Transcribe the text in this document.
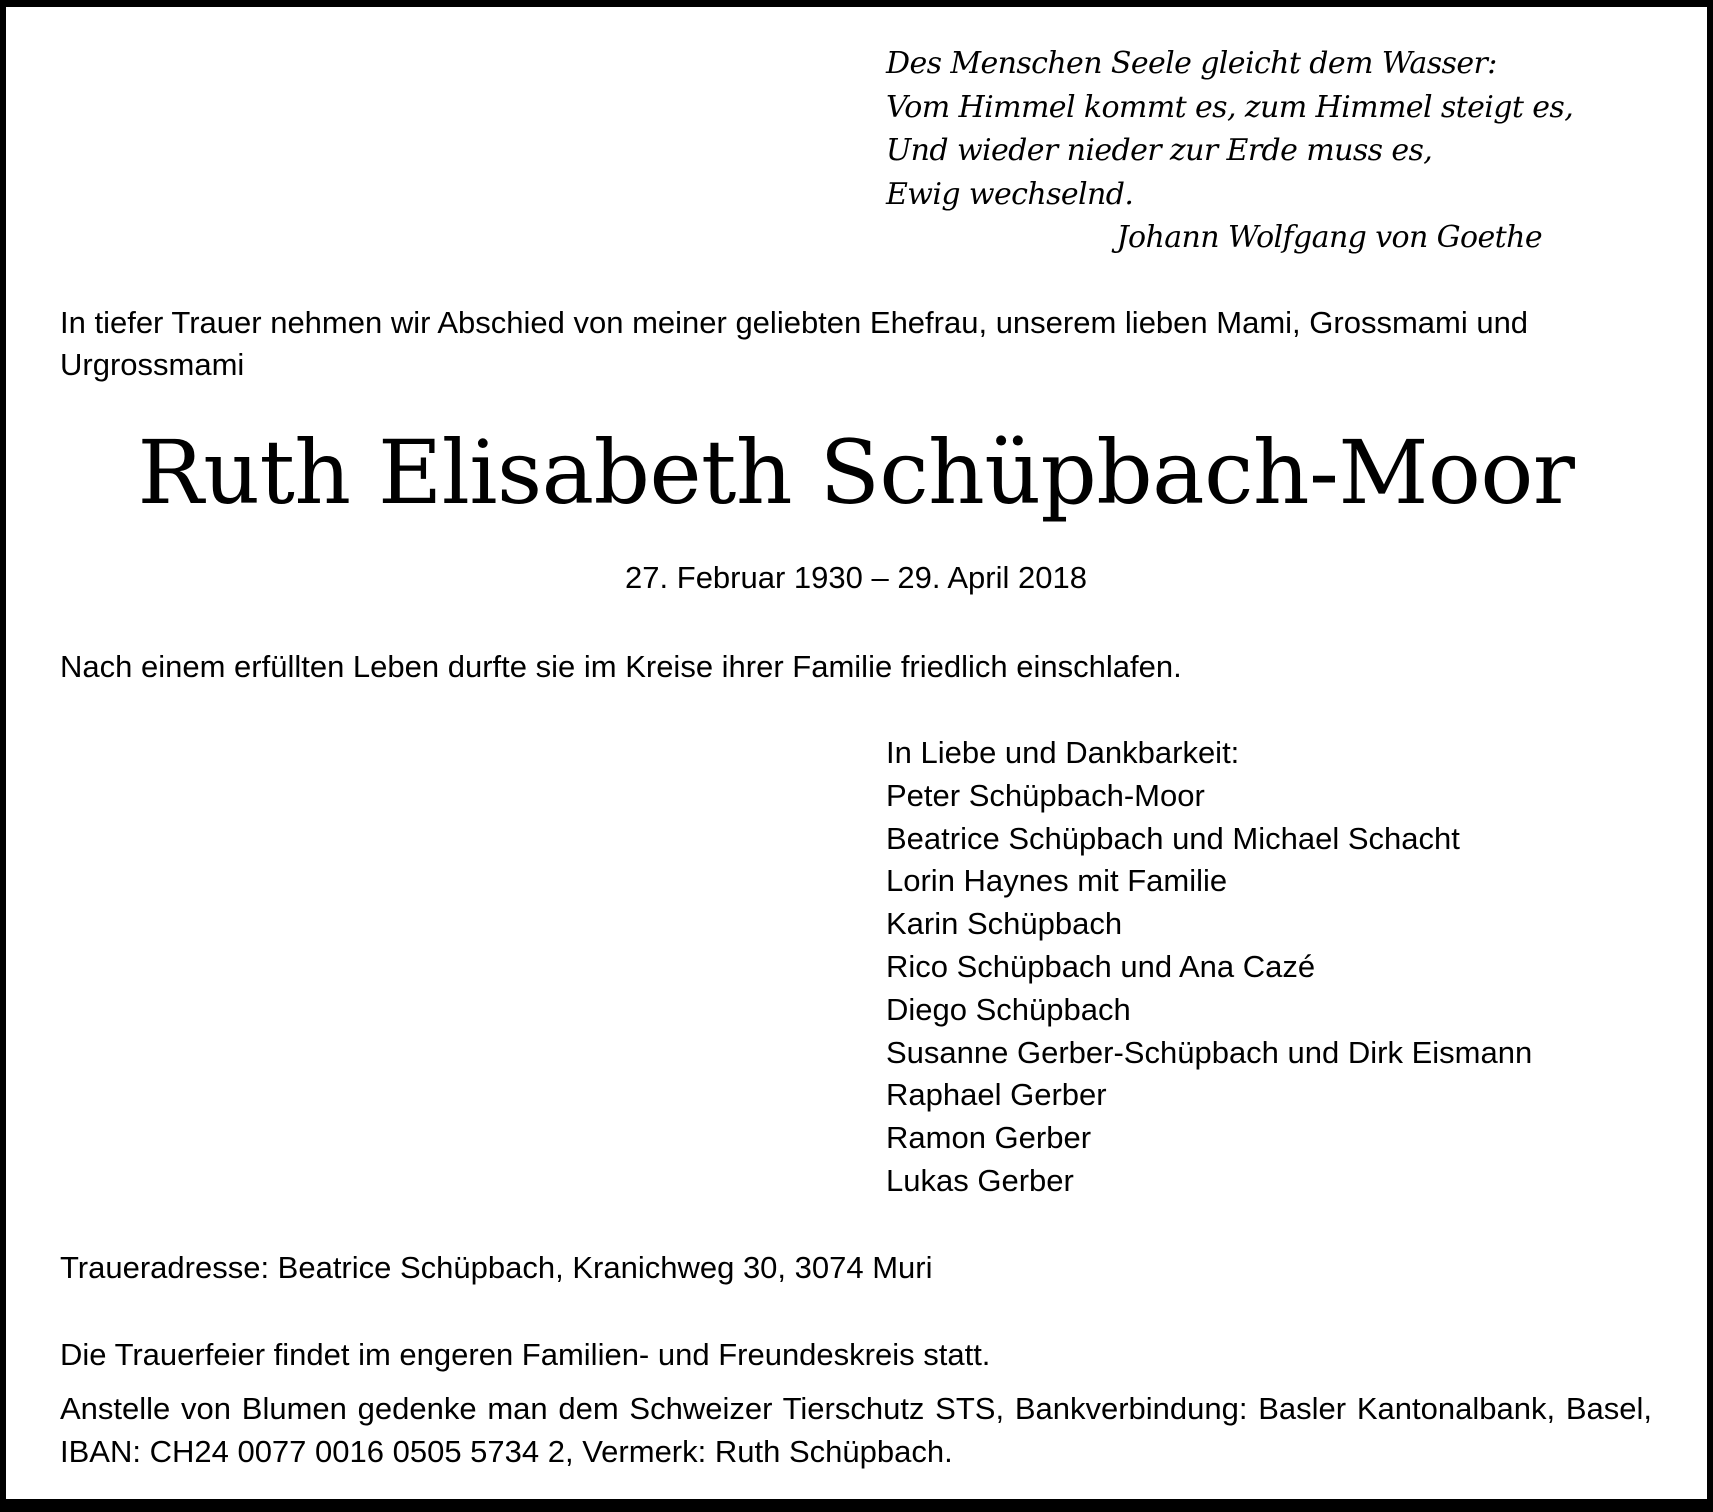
Des Menschen Seele gleicht dem Wasser:
Vom Himmel kommt es, zum Himmel steigt es,
Und wieder nieder zur Erde muss es,
Ewig wechselnd.
Johann Wolfgang von Goethe
In tiefer Trauer nehmen wir Abschied von meiner geliebten Ehefrau, unserem lieben Mami, Grossmami und Urgrossmami
Ruth Elisabeth Schüpbach-Moor
27. Februar 1930 – 29. April 2018
Nach einem erfüllten Leben durfte sie im Kreise ihrer Familie friedlich einschlafen.
In Liebe und Dankbarkeit:
Peter Schüpbach-Moor
Beatrice Schüpbach und Michael Schacht
Lorin Haynes mit Familie
Karin Schüpbach
Rico Schüpbach und Ana Cazé
Diego Schüpbach
Susanne Gerber-Schüpbach und Dirk Eismann
Raphael Gerber
Ramon Gerber
Lukas Gerber
Traueradresse: Beatrice Schüpbach, Kranichweg 30, 3074 Muri
Die Trauerfeier findet im engeren Familien- und Freundeskreis statt.
Anstelle von Blumen gedenke man dem Schweizer Tierschutz STS, Bankverbindung: Basler Kantonalbank, Basel, IBAN: CH24 0077 0016 0505 5734 2, Vermerk: Ruth Schüpbach.
